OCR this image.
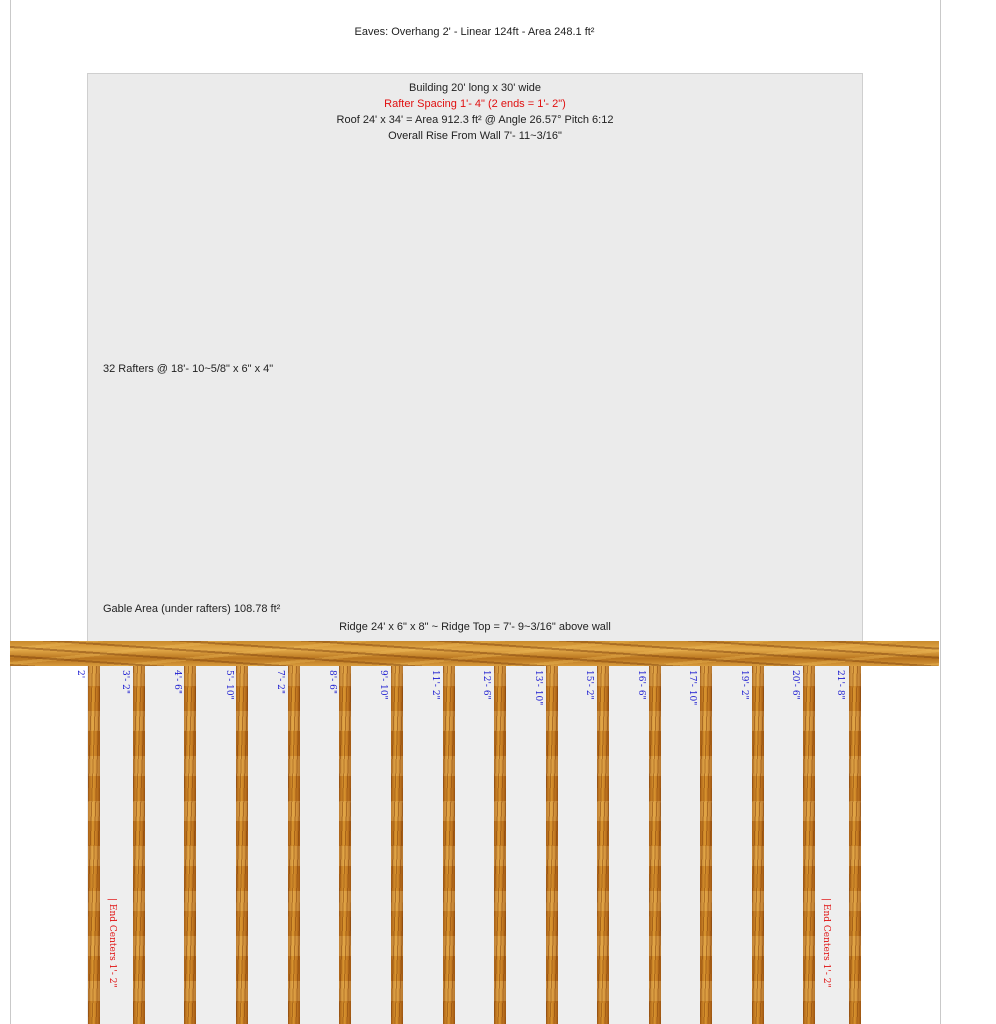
Eaves: Overhang 2' - Linear 124ft - Area 248.1 ft²
Building 20' long x 30' wide
Rafter Spacing 1'- 4" (2 ends = 1'- 2")
Roof 24' x 34' = Area 912.3 ft² @ Angle 26.57° Pitch 6:12
Overall Rise From Wall 7'- 11~3/16"
32 Rafters @ 18'- 10~5/8" x 6" x 4"
Gable Area (under rafters) 108.78 ft²
Ridge 24' x 6" x 8" ~ Ridge Top = 7'- 9~3/16" above wall
2'	3'- 2"	4'- 6"	5'- 10"	7'- 2"	8'- 6"	9'- 10"	11'- 2"	12'- 6"	13'- 10"	15'- 2"	16'- 6"	17'- 10"	19'- 2"	20'- 6"	21'- 8"
| End Centers 1'- 2"	| End Centers 1'- 2"
